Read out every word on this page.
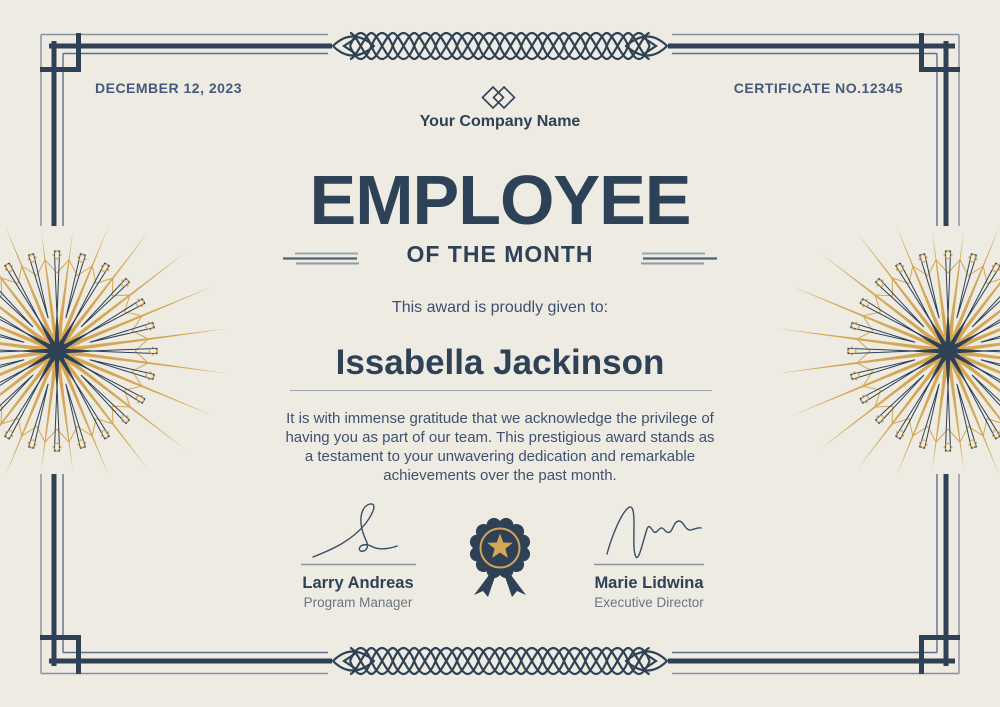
DECEMBER 12, 2023	CERTIFICATE NO.12345
Your Company Name
EMPLOYEE
OF THE MONTH
This award is proudly given to:
Issabella Jackinson
It is with immense gratitude that we acknowledge the privilege of
having you as part of our team. This prestigious award stands as
a testament to your unwavering dedication and remarkable
achievements over the past month.
Larry Andreas
Program Manager
Marie Lidwina
Executive Director
